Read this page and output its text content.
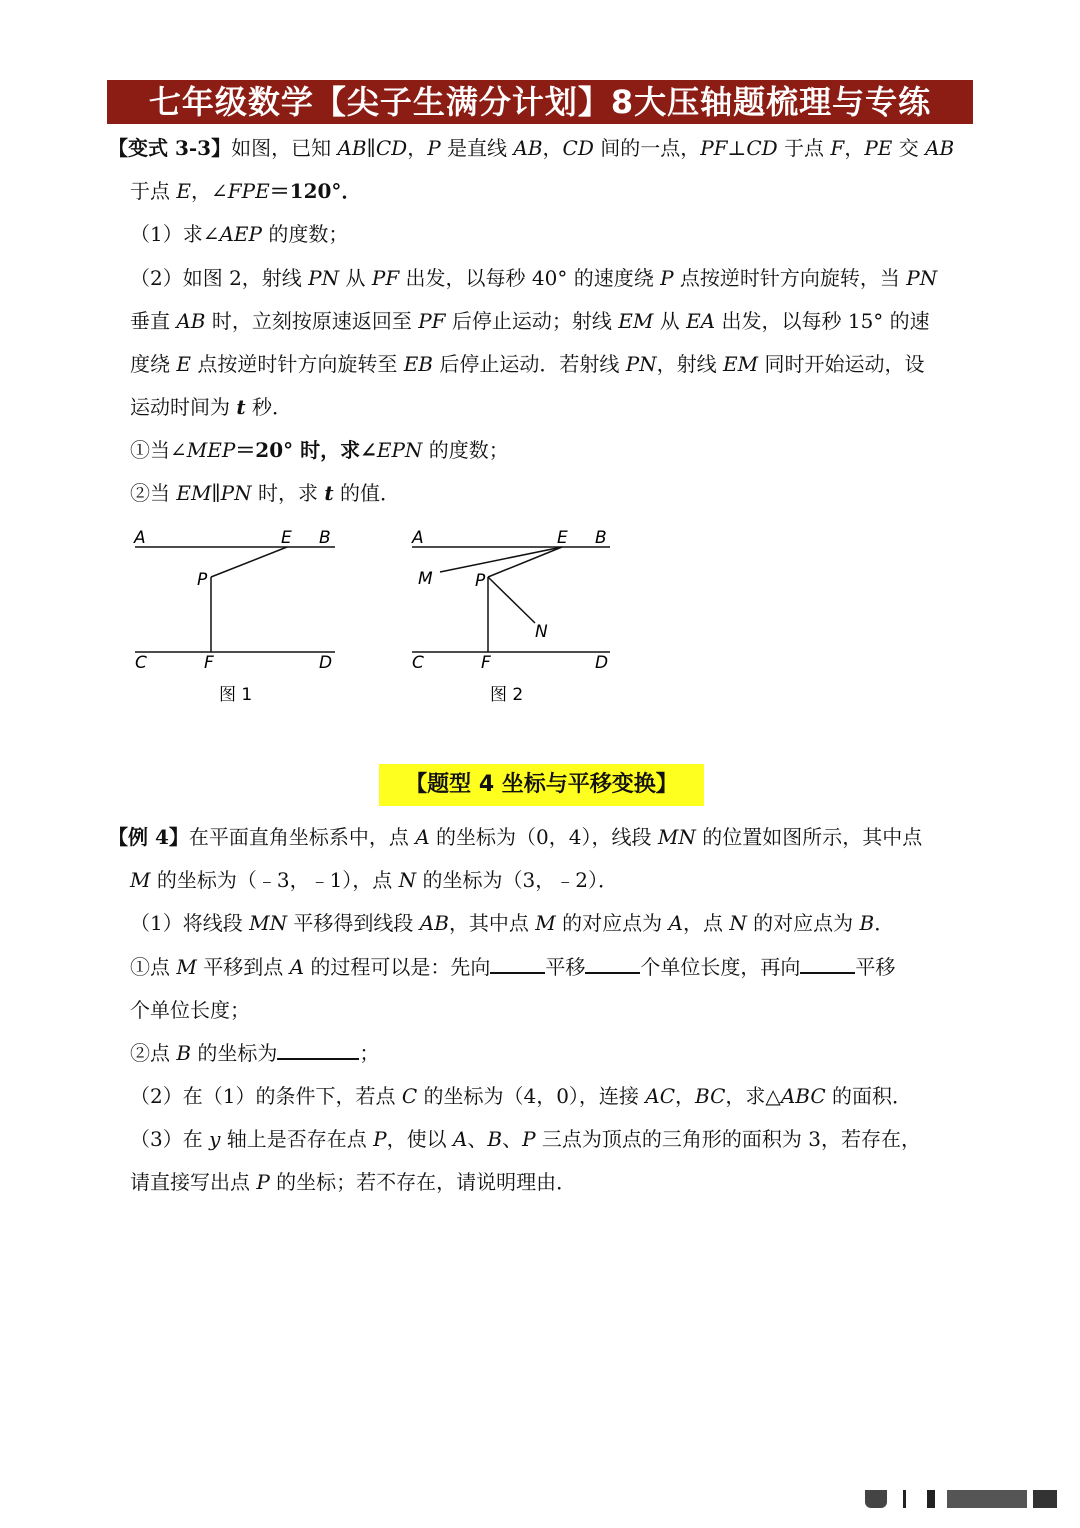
七年级数学【尖子生满分计划】8大压轴题梳理与专练
【变式 3-3】如图，已知 AB∥CD，P 是直线 AB，CD 间的一点，PF⊥CD 于点 F，PE 交 AB
于点 E，∠FPE＝120°．
（1）求∠AEP 的度数；
（2）如图 2，射线 PN 从 PF 出发，以每秒 40° 的速度绕 P 点按逆时针方向旋转，当 PN
垂直 AB 时，立刻按原速返回至 PF 后停止运动；射线 EM 从 EA 出发，以每秒 15° 的速
度绕 E 点按逆时针方向旋转至 EB 后停止运动．若射线 PN，射线 EM 同时开始运动，设
运动时间为 t 秒．
①当∠MEP＝20° 时，求∠EPN 的度数；
②当 EM∥PN 时，求 t 的值．
A	E B
P
C	F	D
图 1
A	E B
M P
N
C	F	D
图 2
【题型 4 坐标与平移变换】
【例 4】在平面直角坐标系中，点 A 的坐标为（0，4），线段 MN 的位置如图所示，其中点
M 的坐标为（﹣3，﹣1），点 N 的坐标为（3，﹣2）．
（1）将线段 MN 平移得到线段 AB，其中点 M 的对应点为 A，点 N 的对应点为 B．
①点 M 平移到点 A 的过程可以是：先向	平移	个单位长度，再向	平移
个单位长度；
②点 B 的坐标为	；
（2）在（1）的条件下，若点 C 的坐标为（4，0），连接 AC，BC，求△ABC 的面积．
（3）在 y 轴上是否存在点 P，使以 A、B、P 三点为顶点的三角形的面积为 3，若存在，
请直接写出点 P 的坐标；若不存在，请说明理由．
